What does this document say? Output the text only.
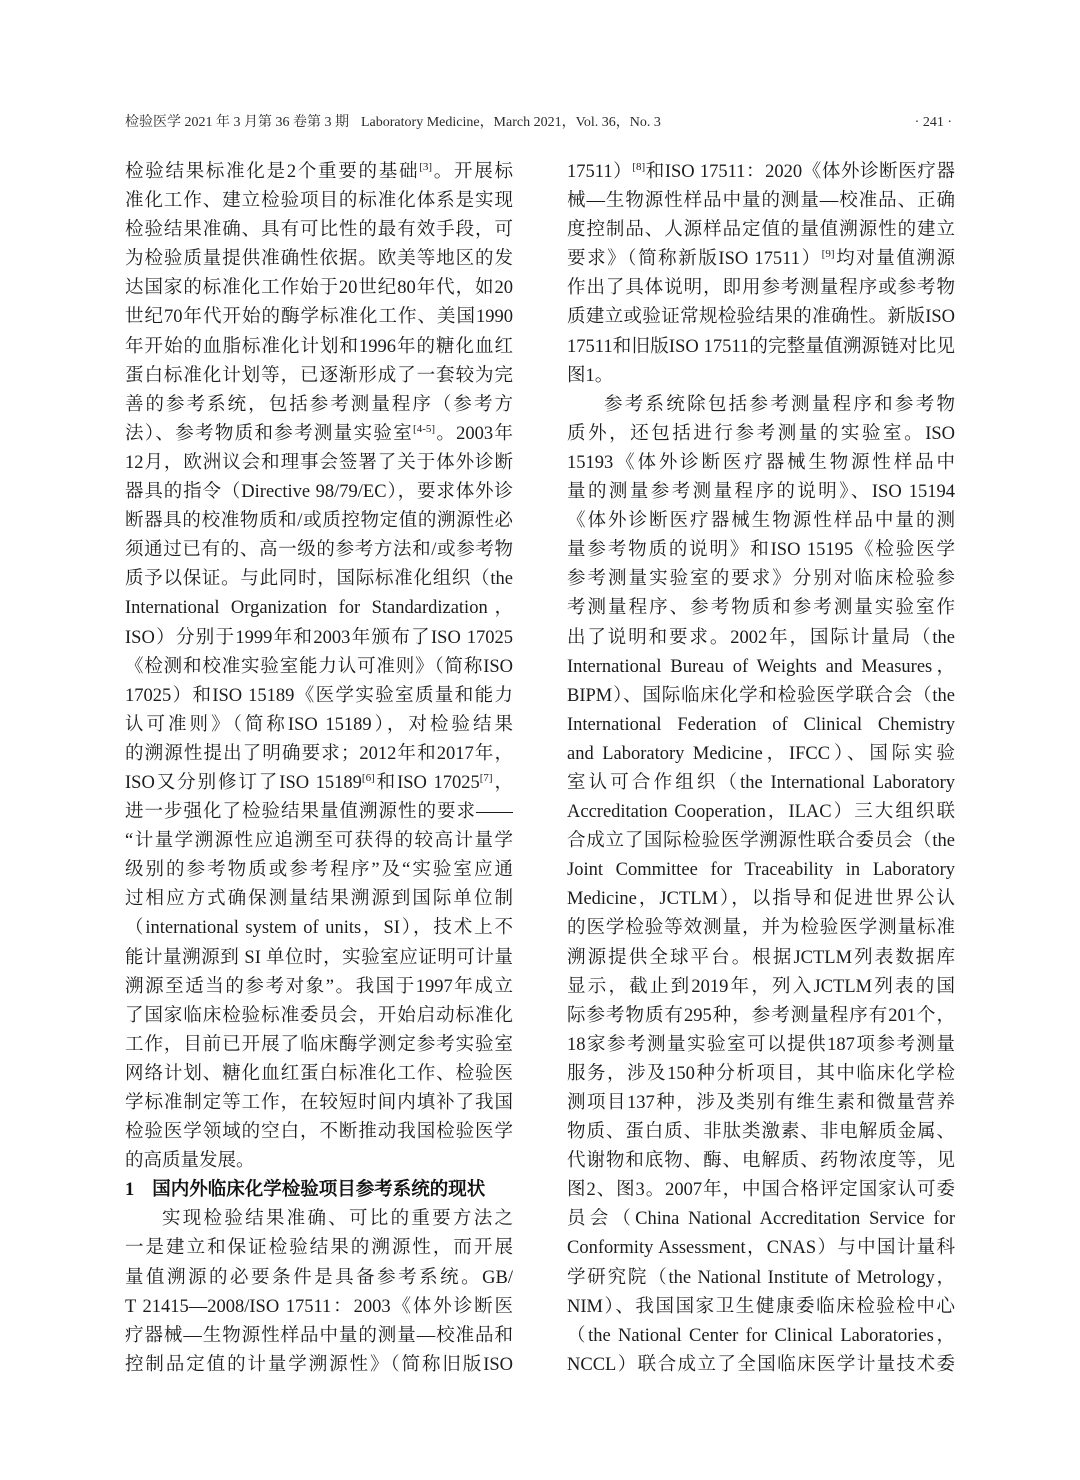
检验医学 2021 年 3 月第 36 卷第 3 期 Laboratory Medicine，March 2021，Vol. 36，No. 3	· 241 ·
检验结果标准化是2个重要的基础[3]。开展标
准化工作、建立检验项目的标准化体系是实现
检验结果准确、具有可比性的最有效手段，可
为检验质量提供准确性依据。欧美等地区的发
达国家的标准化工作始于20世纪80年代，如20
世纪70年代开始的酶学标准化工作、美国1990
年开始的血脂标准化计划和1996年的糖化血红
蛋白标准化计划等，已逐渐形成了一套较为完
善的参考系统，包括参考测量程序（参考方
法）、参考物质和参考测量实验室[4-5]。2003年
12月，欧洲议会和理事会签署了关于体外诊断
器具的指令（Directive 98/79/EC），要求体外诊
断器具的校准物质和/或质控物定值的溯源性必
须通过已有的、高一级的参考方法和/或参考物
质予以保证。与此同时，国际标准化组织（the
International Organization for Standardization，
ISO）分别于1999年和2003年颁布了ISO 17025
《检测和校准实验室能力认可准则》（简称ISO
17025）和ISO 15189《医学实验室质量和能力
认可准则》（简称ISO 15189），对检验结果
的溯源性提出了明确要求；2012年和2017年，
ISO又分别修订了ISO 15189[6]和ISO 17025[7]，
进一步强化了检验结果量值溯源性的要求——
“计量学溯源性应追溯至可获得的较高计量学
级别的参考物质或参考程序”及“实验室应通
过相应方式确保测量结果溯源到国际单位制
（international system of units，SI），技术上不
能计量溯源到 SI 单位时，实验室应证明可计量
溯源至适当的参考对象”。我国于1997年成立
了国家临床检验标准委员会，开始启动标准化
工作，目前已开展了临床酶学测定参考实验室
网络计划、糖化血红蛋白标准化工作、检验医
学标准制定等工作，在较短时间内填补了我国
检验医学领域的空白，不断推动我国检验医学
的高质量发展。
1 国内外临床化学检验项目参考系统的现状
实现检验结果准确、可比的重要方法之
一是建立和保证检验结果的溯源性，而开展
量值溯源的必要条件是具备参考系统。GB/
T 21415—2008/ISO 17511：2003《体外诊断医
疗器械—生物源性样品中量的测量—校准品和
控制品定值的计量学溯源性》（简称旧版ISO
17511）[8]和ISO 17511：2020《体外诊断医疗器
械—生物源性样品中量的测量—校准品、正确
度控制品、人源样品定值的量值溯源性的建立
要求》（简称新版ISO 17511）[9]均对量值溯源
作出了具体说明，即用参考测量程序或参考物
质建立或验证常规检验结果的准确性。新版ISO
17511和旧版ISO 17511的完整量值溯源链对比见
图1。
参考系统除包括参考测量程序和参考物
质外，还包括进行参考测量的实验室。ISO
15193《体外诊断医疗器械生物源性样品中
量的测量参考测量程序的说明》、ISO 15194
《体外诊断医疗器械生物源性样品中量的测
量参考物质的说明》和ISO 15195《检验医学
参考测量实验室的要求》分别对临床检验参
考测量程序、参考物质和参考测量实验室作
出了说明和要求。2002年，国际计量局（the
International Bureau of Weights and Measures，
BIPM）、国际临床化学和检验医学联合会（the
International Federation of Clinical Chemistry
and Laboratory Medicine，IFCC）、国际实验
室认可合作组织（the International Laboratory
Accreditation Cooperation，ILAC）三大组织联
合成立了国际检验医学溯源性联合委员会（the
Joint Committee for Traceability in Laboratory
Medicine，JCTLM），以指导和促进世界公认
的医学检验等效测量，并为检验医学测量标准
溯源提供全球平台。根据JCTLM列表数据库
显示，截止到2019年，列入JCTLM列表的国
际参考物质有295种，参考测量程序有201个，
18家参考测量实验室可以提供187项参考测量
服务，涉及150种分析项目，其中临床化学检
测项目137种，涉及类别有维生素和微量营养
物质、蛋白质、非肽类激素、非电解质金属、
代谢物和底物、酶、电解质、药物浓度等，见
图2、图3。2007年，中国合格评定国家认可委
员会（China National Accreditation Service for
Conformity Assessment，CNAS）与中国计量科
学研究院（the National Institute of Metrology，
NIM）、我国国家卫生健康委临床检验检中心
（the National Center for Clinical Laboratories，
NCCL）联合成立了全国临床医学计量技术委
